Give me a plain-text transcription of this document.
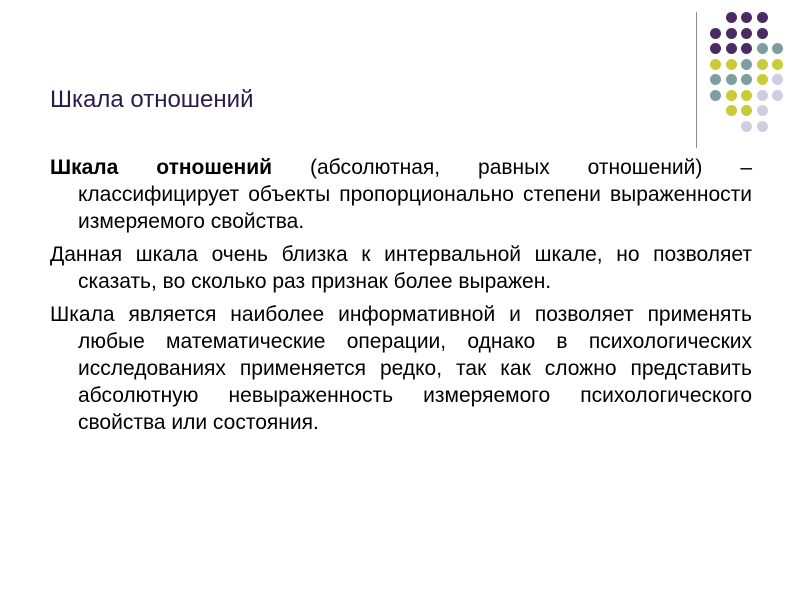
Шкала отношений

Шкала отношений (абсолютная, равных отношений) – классифицирует объекты пропорционально степени выраженности измеряемого свойства.

Данная шкала очень близка к интервальной шкале, но позволяет сказать, во сколько раз признак более выражен.

Шкала является наиболее информативной и позволяет применять любые математические операции, однако в психологических исследованиях применяется редко, так как сложно представить абсолютную невыраженность измеряемого психологического свойства или состояния.
